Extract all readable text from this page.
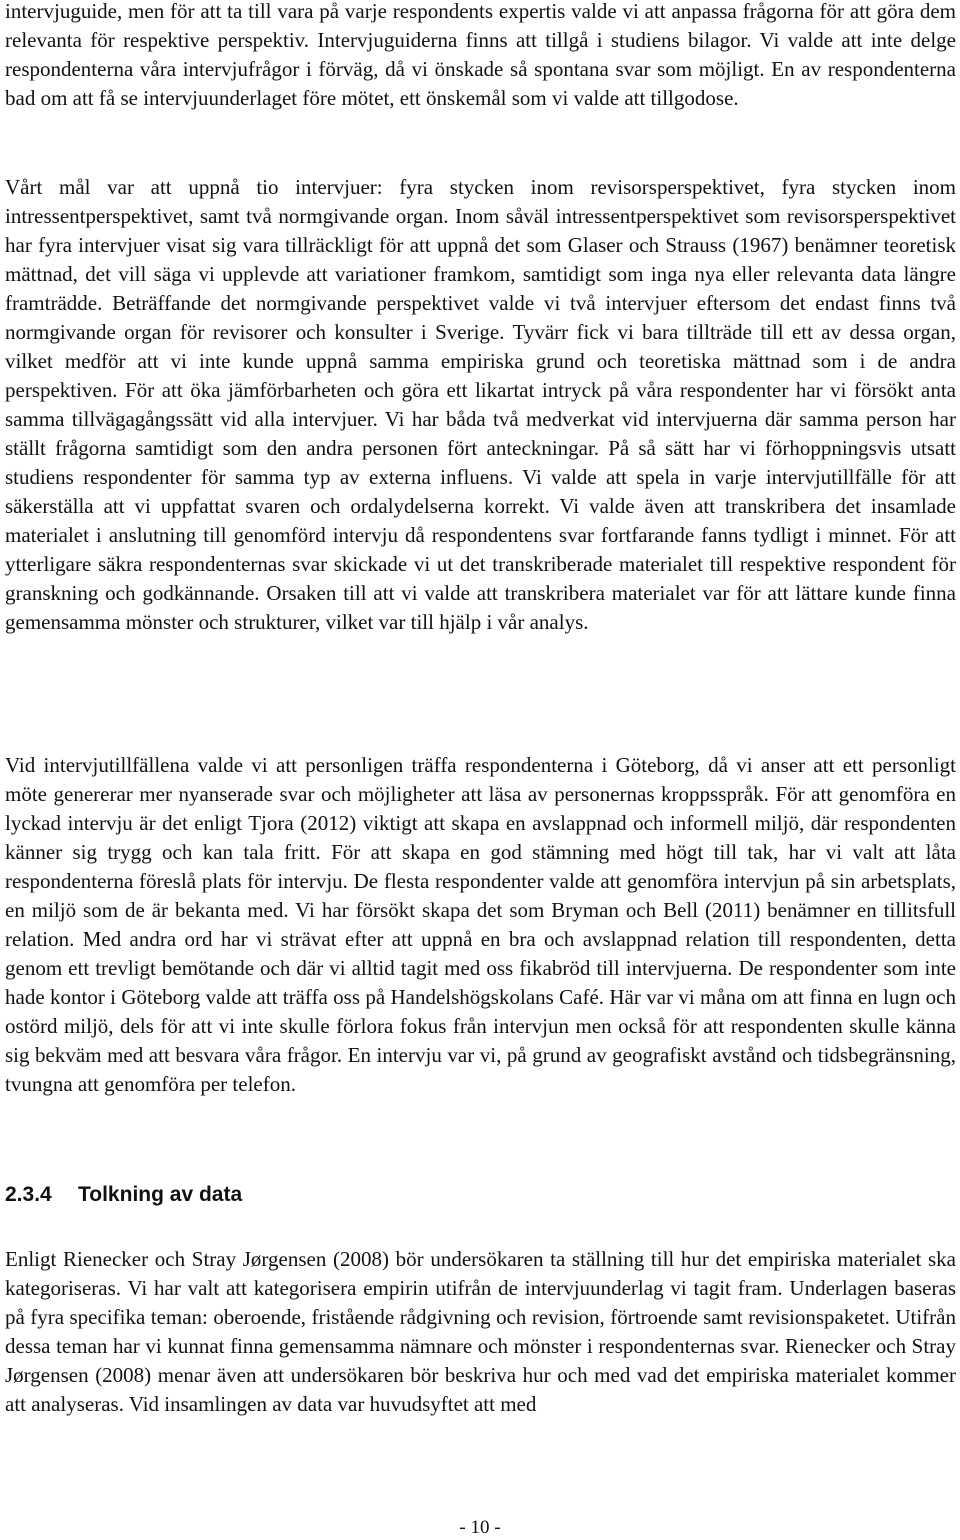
intervjuguide, men för att ta till vara på varje respondents expertis valde vi att anpassa frågorna för att göra dem relevanta för respektive perspektiv. Intervjuguiderna finns att tillgå i studiens bilagor. Vi valde att inte delge respondenterna våra intervjufrågor i förväg, då vi önskade så spontana svar som möjligt. En av respondenterna bad om att få se intervjuunderlaget före mötet, ett önskemål som vi valde att tillgodose.

Vårt mål var att uppnå tio intervjuer: fyra stycken inom revisorsperspektivet, fyra stycken inom intressentperspektivet, samt två normgivande organ. Inom såväl intressentperspektivet som revisorsperspektivet har fyra intervjuer visat sig vara tillräckligt för att uppnå det som Glaser och Strauss (1967) benämner teoretisk mättnad, det vill säga vi upplevde att variationer framkom, samtidigt som inga nya eller relevanta data längre framträdde. Beträffande det normgivande perspektivet valde vi två intervjuer eftersom det endast finns två normgivande organ för revisorer och konsulter i Sverige. Tyvärr fick vi bara tillträde till ett av dessa organ, vilket medför att vi inte kunde uppnå samma empiriska grund och teoretiska mättnad som i de andra perspektiven. För att öka jämförbarheten och göra ett likartat intryck på våra respondenter har vi försökt anta samma tillvägagångssätt vid alla intervjuer. Vi har båda två medverkat vid intervjuerna där samma person har ställt frågorna samtidigt som den andra personen fört anteckningar. På så sätt har vi förhoppningsvis utsatt studiens respondenter för samma typ av externa influens. Vi valde att spela in varje intervjutillfälle för att säkerställa att vi uppfattat svaren och ordalydelserna korrekt. Vi valde även att transkribera det insamlade materialet i anslutning till genomförd intervju då respondentens svar fortfarande fanns tydligt i minnet. För att ytterligare säkra respondenternas svar skickade vi ut det transkriberade materialet till respektive respondent för granskning och godkännande. Orsaken till att vi valde att transkribera materialet var för att lättare kunde finna gemensamma mönster och strukturer, vilket var till hjälp i vår analys.

Vid intervjutillfällena valde vi att personligen träffa respondenterna i Göteborg, då vi anser att ett personligt möte genererar mer nyanserade svar och möjligheter att läsa av personernas kroppsspråk. För att genomföra en lyckad intervju är det enligt Tjora (2012) viktigt att skapa en avslappnad och informell miljö, där respondenten känner sig trygg och kan tala fritt. För att skapa en god stämning med högt till tak, har vi valt att låta respondenterna föreslå plats för intervju. De flesta respondenter valde att genomföra intervjun på sin arbetsplats, en miljö som de är bekanta med. Vi har försökt skapa det som Bryman och Bell (2011) benämner en tillitsfull relation. Med andra ord har vi strävat efter att uppnå en bra och avslappnad relation till respondenten, detta genom ett trevligt bemötande och där vi alltid tagit med oss fikabröd till intervjuerna. De respondenter som inte hade kontor i Göteborg valde att träffa oss på Handelshögskolans Café. Här var vi måna om att finna en lugn och ostörd miljö, dels för att vi inte skulle förlora fokus från intervjun men också för att respondenten skulle känna sig bekväm med att besvara våra frågor. En intervju var vi, på grund av geografiskt avstånd och tidsbegränsning, tvungna att genomföra per telefon.

2.3.4 Tolkning av data

Enligt Rienecker och Stray Jørgensen (2008) bör undersökaren ta ställning till hur det empiriska materialet ska kategoriseras. Vi har valt att kategorisera empirin utifrån de intervjuunderlag vi tagit fram. Underlagen baseras på fyra specifika teman: oberoende, fristående rådgivning och revision, förtroende samt revisionspaketet. Utifrån dessa teman har vi kunnat finna gemensamma nämnare och mönster i respondenternas svar. Rienecker och Stray Jørgensen (2008) menar även att undersökaren bör beskriva hur och med vad det empiriska materialet kommer att analyseras. Vid insamlingen av data var huvudsyftet att med

- 10 -
